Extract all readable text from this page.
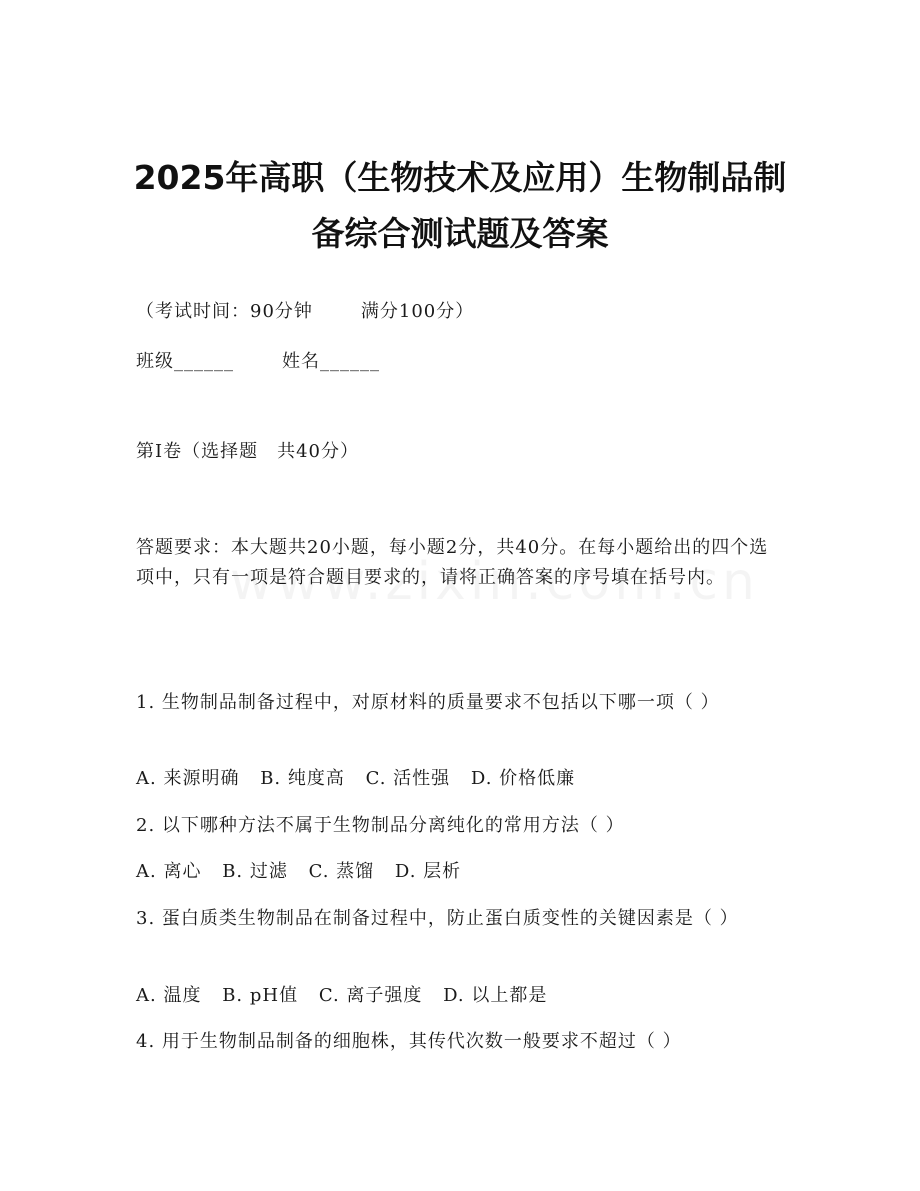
2025年高职（生物技术及应用）生物制品制
备综合测试题及答案
（考试时间：90分钟	满分100分）
班级______	姓名______
第I卷（选择题　共40分）
答题要求：本大题共20小题，每小题2分，共40分。在每小题给出的四个选项中，只有一项是符合题目要求的，请将正确答案的序号填在括号内。
1. 生物制品制备过程中，对原材料的质量要求不包括以下哪一项（ ）
A. 来源明确 B. 纯度高 C. 活性强 D. 价格低廉
2. 以下哪种方法不属于生物制品分离纯化的常用方法（ ）
A. 离心 B. 过滤 C. 蒸馏 D. 层析
3. 蛋白质类生物制品在制备过程中，防止蛋白质变性的关键因素是（ ）
A. 温度 B. pH值 C. 离子强度 D. 以上都是
4. 用于生物制品制备的细胞株，其传代次数一般要求不超过（ ）
